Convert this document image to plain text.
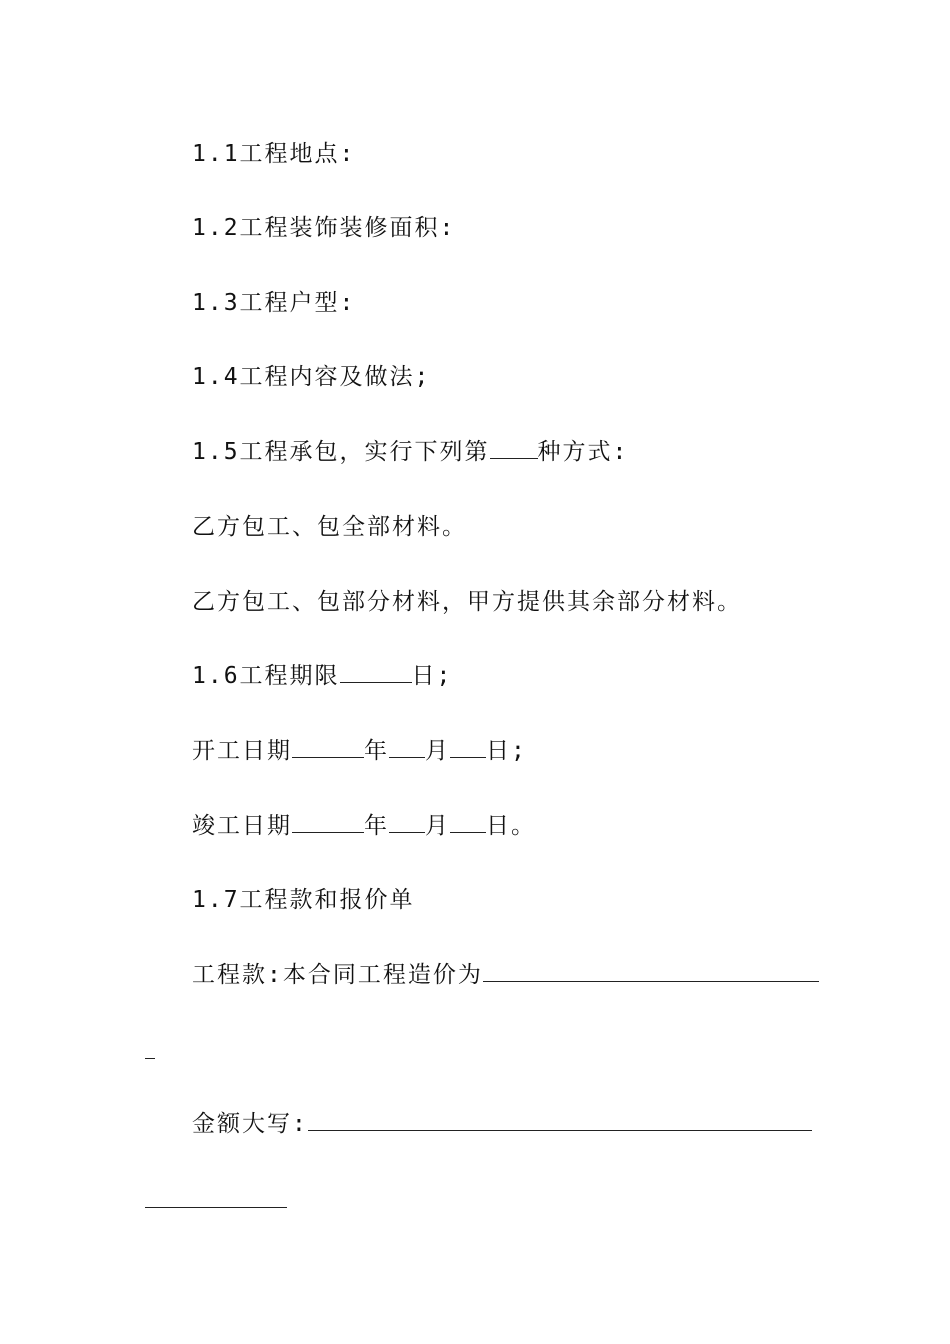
1.1工程地点:
1.2工程装饰装修面积:
1.3工程户型:
1.4工程内容及做法;
1.5工程承包，实行下列第 种方式:
乙方包工、包全部材料。
乙方包工、包部分材料，甲方提供其余部分材料。
1.6工程期限	日;
开工日期	年 月 日;
竣工日期	年 月 日。
1.7工程款和报价单
工程款:本合同工程造价为
金额大写:
